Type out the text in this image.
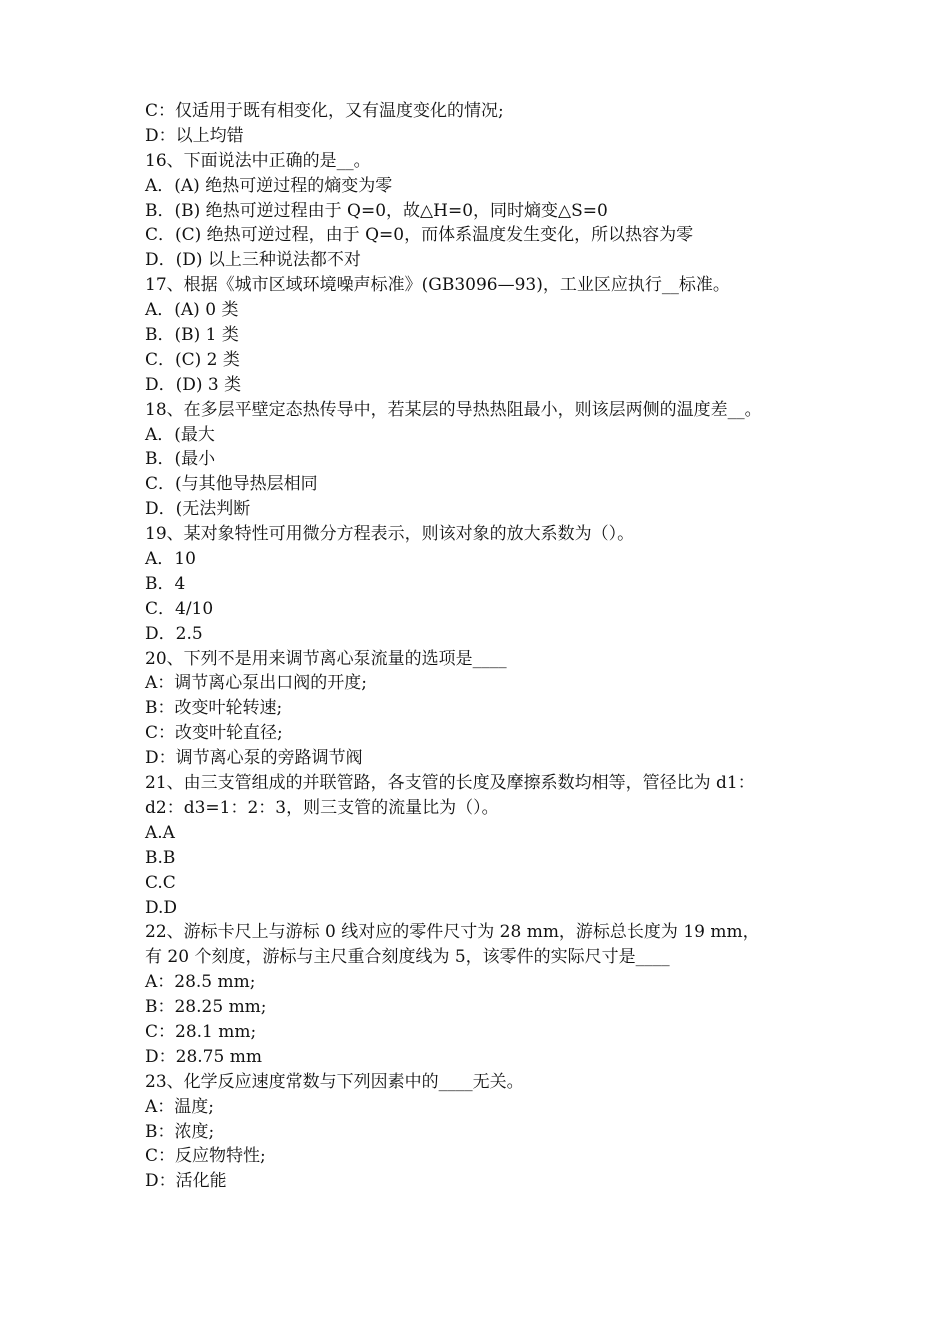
C：仅适用于既有相变化，又有温度变化的情况;
D：以上均错
16、下面说法中正确的是__。
A．(A) 绝热可逆过程的熵变为零
B．(B) 绝热可逆过程由于 Q=0，故△H=0，同时熵变△S=0
C．(C) 绝热可逆过程，由于 Q=0，而体系温度发生变化，所以热容为零
D．(D) 以上三种说法都不对
17、根据《城市区域环境噪声标准》(GB3096—93)，工业区应执行__标准。
A．(A) 0 类
B．(B) 1 类
C．(C) 2 类
D．(D) 3 类
18、在多层平壁定态热传导中，若某层的导热热阻最小，则该层两侧的温度差__。
A．(最大
B．(最小
C．(与其他导热层相同
D．(无法判断
19、某对象特性可用微分方程表示，则该对象的放大系数为（）。
A．10
B．4
C．4/10
D．2.5
20、下列不是用来调节离心泵流量的选项是____
A：调节离心泵出口阀的开度;
B：改变叶轮转速;
C：改变叶轮直径;
D：调节离心泵的旁路调节阀
21、由三支管组成的并联管路，各支管的长度及摩擦系数均相等，管径比为 d1：
d2：d3=1：2：3，则三支管的流量比为（）。
A.A
B.B
C.C
D.D
22、游标卡尺上与游标 0 线对应的零件尺寸为 28 mm，游标总长度为 19 mm，
有 20 个刻度，游标与主尺重合刻度线为 5，该零件的实际尺寸是____
A：28.5 mm;
B：28.25 mm;
C：28.1 mm;
D：28.75 mm
23、化学反应速度常数与下列因素中的____无关。
A：温度;
B：浓度;
C：反应物特性;
D：活化能
